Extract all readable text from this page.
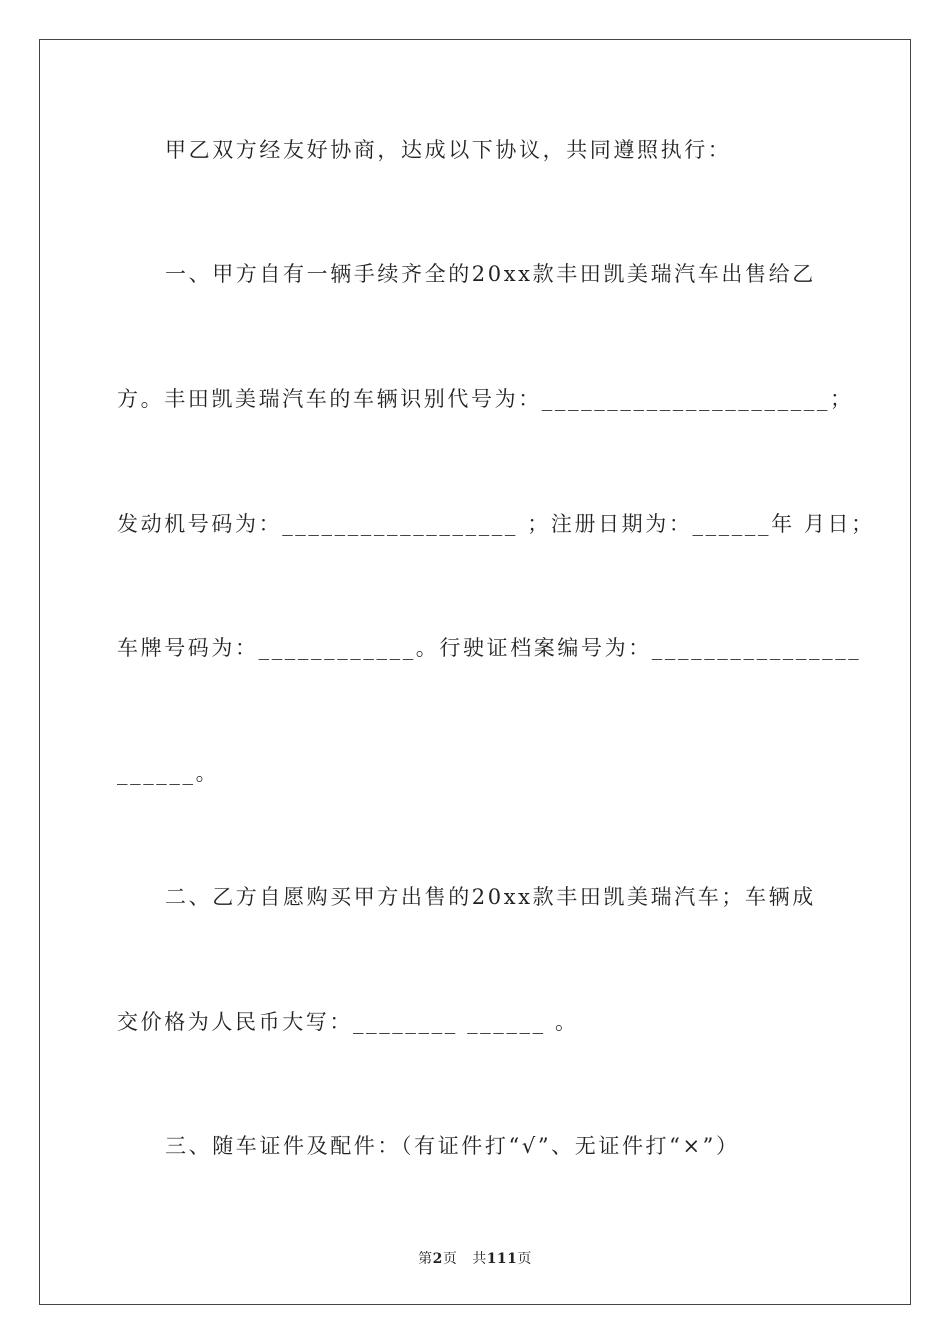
甲乙双方经友好协商，达成以下协议，共同遵照执行：
一、甲方自有一辆手续齐全的20xx款丰田凯美瑞汽车出售给乙
方。丰田凯美瑞汽车的车辆识别代号为：______________________；
发动机号码为：__________________ ；注册日期为：______年 月日；
车牌号码为：____________。行驶证档案编号为：________________
______。
二、乙方自愿购买甲方出售的20xx款丰田凯美瑞汽车；车辆成
交价格为人民币大写：________ ______ 。
三、随车证件及配件：（有证件打“√”、无证件打“×”）
第2页 共111页
